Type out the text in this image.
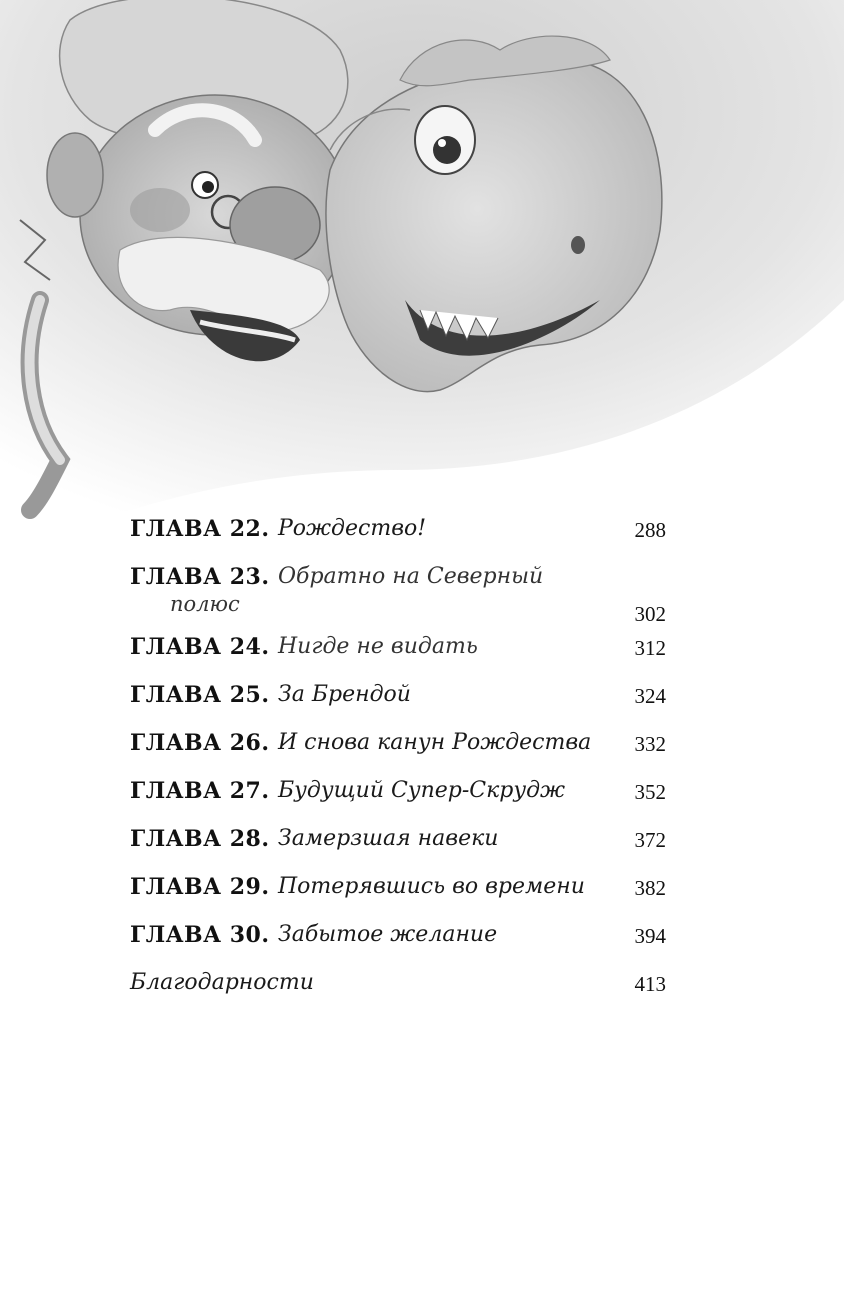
ГЛАВА 22. Рождество!	288
ГЛАВА 23. Обратно на Северный
полюс	302
ГЛАВА 24. Нигде не видать	312
ГЛАВА 25. За Брендой	324
ГЛАВА 26. И снова канун Рождества 332
ГЛАВА 27. Будущий Супер-Скрудж	352
ГЛАВА 28. Замерзшая навеки	372
ГЛАВА 29. Потерявшись во времени 382
ГЛАВА 30. Забытое желание	394
Благодарности	413
